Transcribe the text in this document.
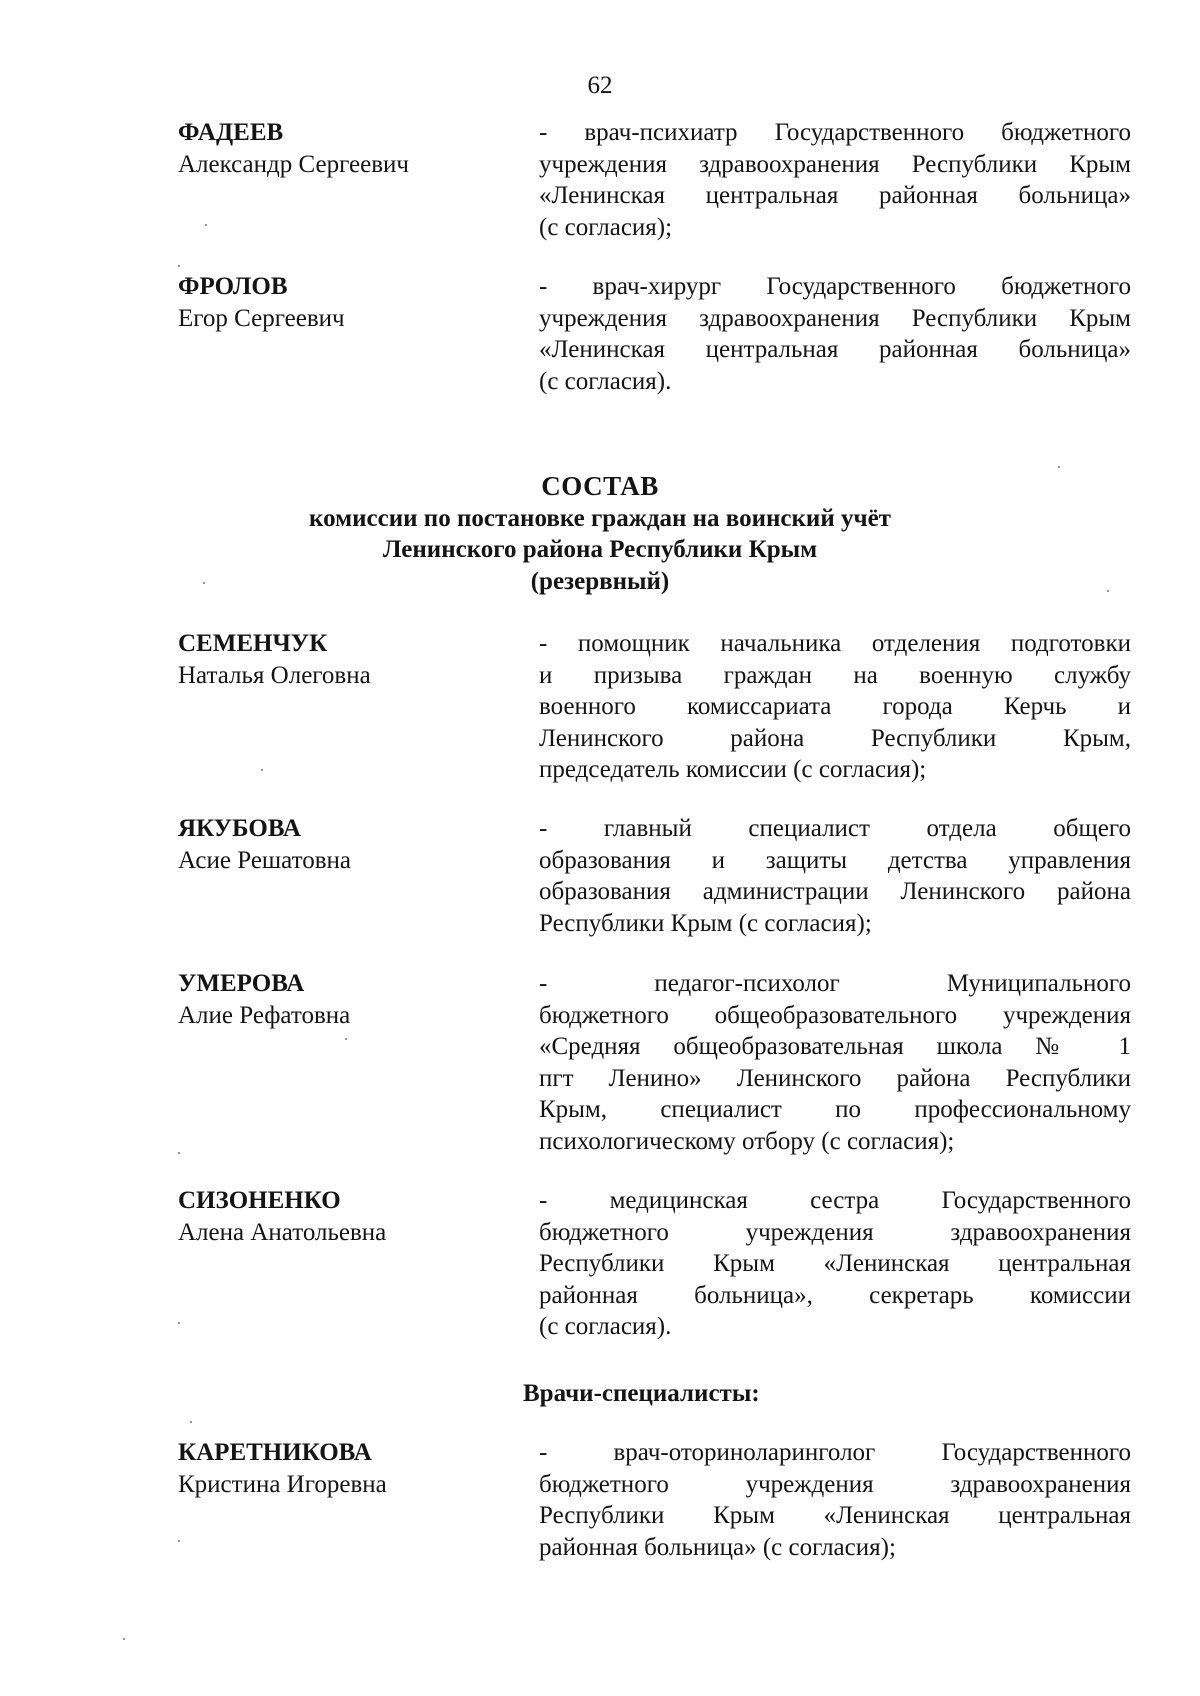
62
ФАДЕЕВ
Александр Сергеевич
- врач-психиатр Государственного бюджетного
учреждения здравоохранения Республики Крым
«Ленинская центральная районная больница»
(с согласия);
ФРОЛОВ
Егор Сергеевич
- врач-хирург Государственного бюджетного
учреждения здравоохранения Республики Крым
«Ленинская центральная районная больница»
(с согласия).
СОСТАВ
комиссии по постановке граждан на воинский учёт
Ленинского района Республики Крым
(резервный)
СЕМЕНЧУК
Наталья Олеговна
- помощник начальника отделения подготовки
и призыва граждан на военную службу
военного комиссариата города Керчь и
Ленинского района Республики Крым,
председатель комиссии (с согласия);
ЯКУБОВА
Асие Решатовна
- главный специалист отдела общего
образования и защиты детства управления
образования администрации Ленинского района
Республики Крым (с согласия);
УМЕРОВА
Алие Рефатовна
- педагог-психолог Муниципального
бюджетного общеобразовательного учреждения
«Средняя общеобразовательная школа № 1
пгт Ленино» Ленинского района Республики
Крым, специалист по профессиональному
психологическому отбору (с согласия);
СИЗОНЕНКО
Алена Анатольевна
- медицинская сестра Государственного
бюджетного учреждения здравоохранения
Республики Крым «Ленинская центральная
районная больница», секретарь комиссии
(с согласия).
Врачи-специалисты:
КАРЕТНИКОВА
Кристина Игоревна
- врач-оториноларинголог Государственного
бюджетного учреждения здравоохранения
Республики Крым «Ленинская центральная
районная больница» (с согласия);
